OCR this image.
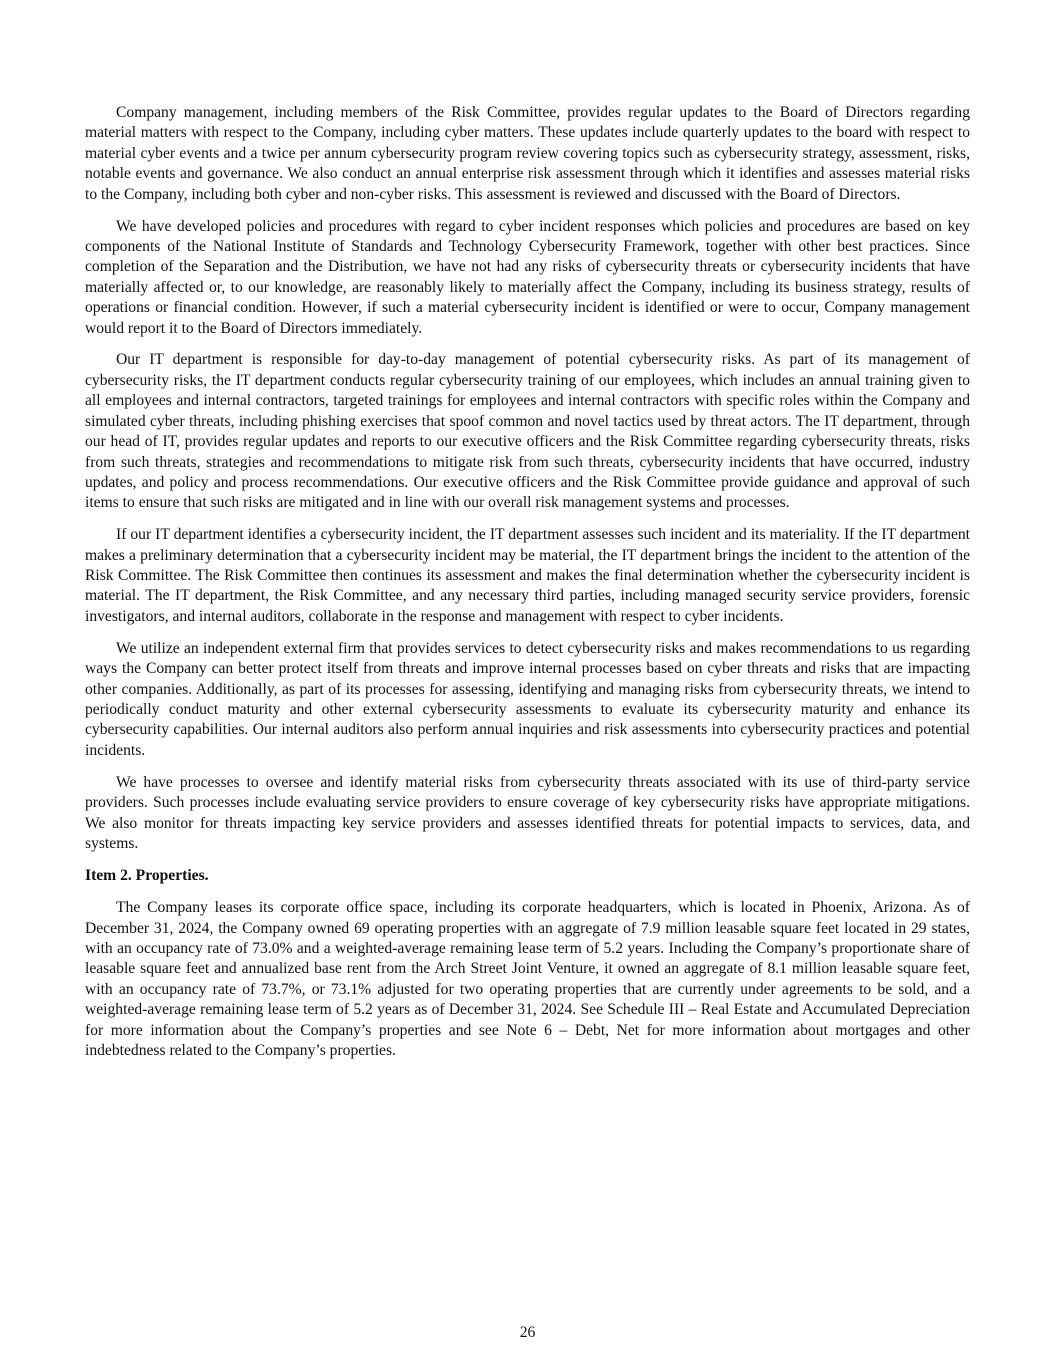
Company management, including members of the Risk Committee, provides regular updates to the Board of Directors regarding material matters with respect to the Company, including cyber matters. These updates include quarterly updates to the board with respect to material cyber events and a twice per annum cybersecurity program review covering topics such as cybersecurity strategy, assessment, risks, notable events and governance. We also conduct an annual enterprise risk assessment through which it identifies and assesses material risks to the Company, including both cyber and non-cyber risks. This assessment is reviewed and discussed with the Board of Directors.

We have developed policies and procedures with regard to cyber incident responses which policies and procedures are based on key components of the National Institute of Standards and Technology Cybersecurity Framework, together with other best practices. Since completion of the Separation and the Distribution, we have not had any risks of cybersecurity threats or cybersecurity incidents that have materially affected or, to our knowledge, are reasonably likely to materially affect the Company, including its business strategy, results of operations or financial condition. However, if such a material cybersecurity incident is identified or were to occur, Company management would report it to the Board of Directors immediately.

Our IT department is responsible for day-to-day management of potential cybersecurity risks. As part of its management of cybersecurity risks, the IT department conducts regular cybersecurity training of our employees, which includes an annual training given to all employees and internal contractors, targeted trainings for employees and internal contractors with specific roles within the Company and simulated cyber threats, including phishing exercises that spoof common and novel tactics used by threat actors. The IT department, through our head of IT, provides regular updates and reports to our executive officers and the Risk Committee regarding cybersecurity threats, risks from such threats, strategies and recommendations to mitigate risk from such threats, cybersecurity incidents that have occurred, industry updates, and policy and process recommendations. Our executive officers and the Risk Committee provide guidance and approval of such items to ensure that such risks are mitigated and in line with our overall risk management systems and processes.

If our IT department identifies a cybersecurity incident, the IT department assesses such incident and its materiality. If the IT department makes a preliminary determination that a cybersecurity incident may be material, the IT department brings the incident to the attention of the Risk Committee. The Risk Committee then continues its assessment and makes the final determination whether the cybersecurity incident is material. The IT department, the Risk Committee, and any necessary third parties, including managed security service providers, forensic investigators, and internal auditors, collaborate in the response and management with respect to cyber incidents.

We utilize an independent external firm that provides services to detect cybersecurity risks and makes recommendations to us regarding ways the Company can better protect itself from threats and improve internal processes based on cyber threats and risks that are impacting other companies. Additionally, as part of its processes for assessing, identifying and managing risks from cybersecurity threats, we intend to periodically conduct maturity and other external cybersecurity assessments to evaluate its cybersecurity maturity and enhance its cybersecurity capabilities. Our internal auditors also perform annual inquiries and risk assessments into cybersecurity practices and potential incidents.

We have processes to oversee and identify material risks from cybersecurity threats associated with its use of third-party service providers. Such processes include evaluating service providers to ensure coverage of key cybersecurity risks have appropriate mitigations. We also monitor for threats impacting key service providers and assesses identified threats for potential impacts to services, data, and systems.

Item 2. Properties.

The Company leases its corporate office space, including its corporate headquarters, which is located in Phoenix, Arizona. As of December 31, 2024, the Company owned 69 operating properties with an aggregate of 7.9 million leasable square feet located in 29 states, with an occupancy rate of 73.0% and a weighted-average remaining lease term of 5.2 years. Including the Company’s proportionate share of leasable square feet and annualized base rent from the Arch Street Joint Venture, it owned an aggregate of 8.1 million leasable square feet, with an occupancy rate of 73.7%, or 73.1% adjusted for two operating properties that are currently under agreements to be sold, and a weighted-average remaining lease term of 5.2 years as of December 31, 2024. See Schedule III – Real Estate and Accumulated Depreciation for more information about the Company’s properties and see Note 6 – Debt, Net for more information about mortgages and other indebtedness related to the Company’s properties.

26
